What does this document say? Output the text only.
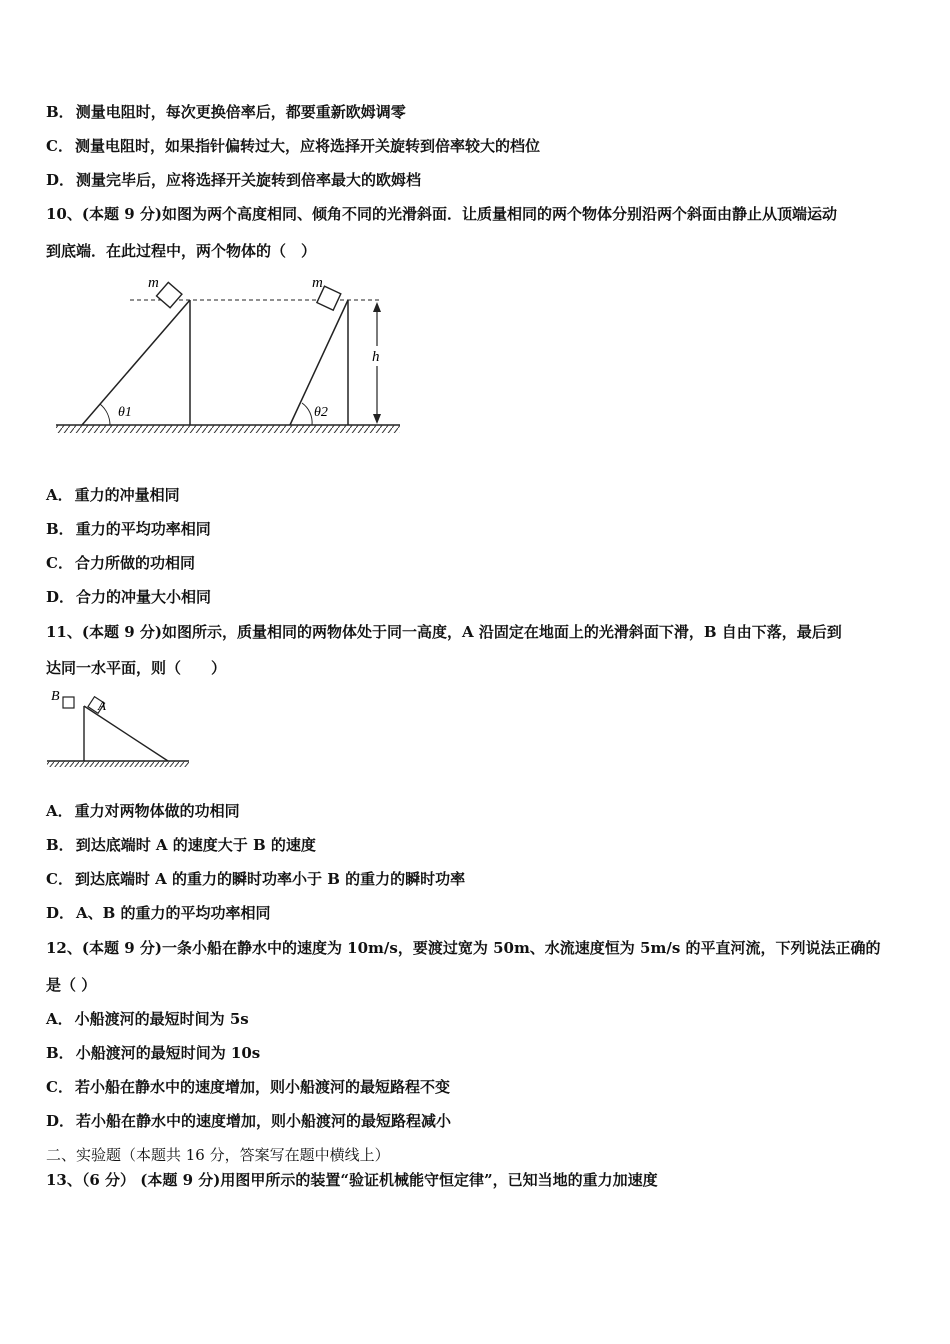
B． 测量电阻时，每次更换倍率后，都要重新欧姆调零
C． 测量电阻时，如果指针偏转过大，应将选择开关旋转到倍率较大的档位
D． 测量完毕后，应将选择开关旋转到倍率最大的欧姆档
10、(本题 9 分)如图为两个高度相同、倾角不同的光滑斜面．让质量相同的两个物体分别沿两个斜面由静止从顶端运动
到底端．在此过程中，两个物体的（　）
θ1
m
θ2
m
h
A． 重力的冲量相同
B． 重力的平均功率相同
C． 合力所做的功相同
D． 合力的冲量大小相同
11、(本题 9 分)如图所示，质量相同的两物体处于同一高度，A 沿固定在地面上的光滑斜面下滑，B 自由下落，最后到
达同一水平面，则（　　）
B
A
A． 重力对两物体做的功相同
B． 到达底端时 A 的速度大于 B 的速度
C． 到达底端时 A 的重力的瞬时功率小于 B 的重力的瞬时功率
D． A、B 的重力的平均功率相同
12、(本题 9 分)一条小船在静水中的速度为 10m/s，要渡过宽为 50m、水流速度恒为 5m/s 的平直河流，下列说法正确的
是（ ）
A． 小船渡河的最短时间为 5s
B． 小船渡河的最短时间为 10s
C． 若小船在静水中的速度增加，则小船渡河的最短路程不变
D． 若小船在静水中的速度增加，则小船渡河的最短路程减小
二、实验题（本题共 16 分，答案写在题中横线上）
13、（6 分） (本题 9 分)用图甲所示的装置“验证机械能守恒定律”，已知当地的重力加速度
